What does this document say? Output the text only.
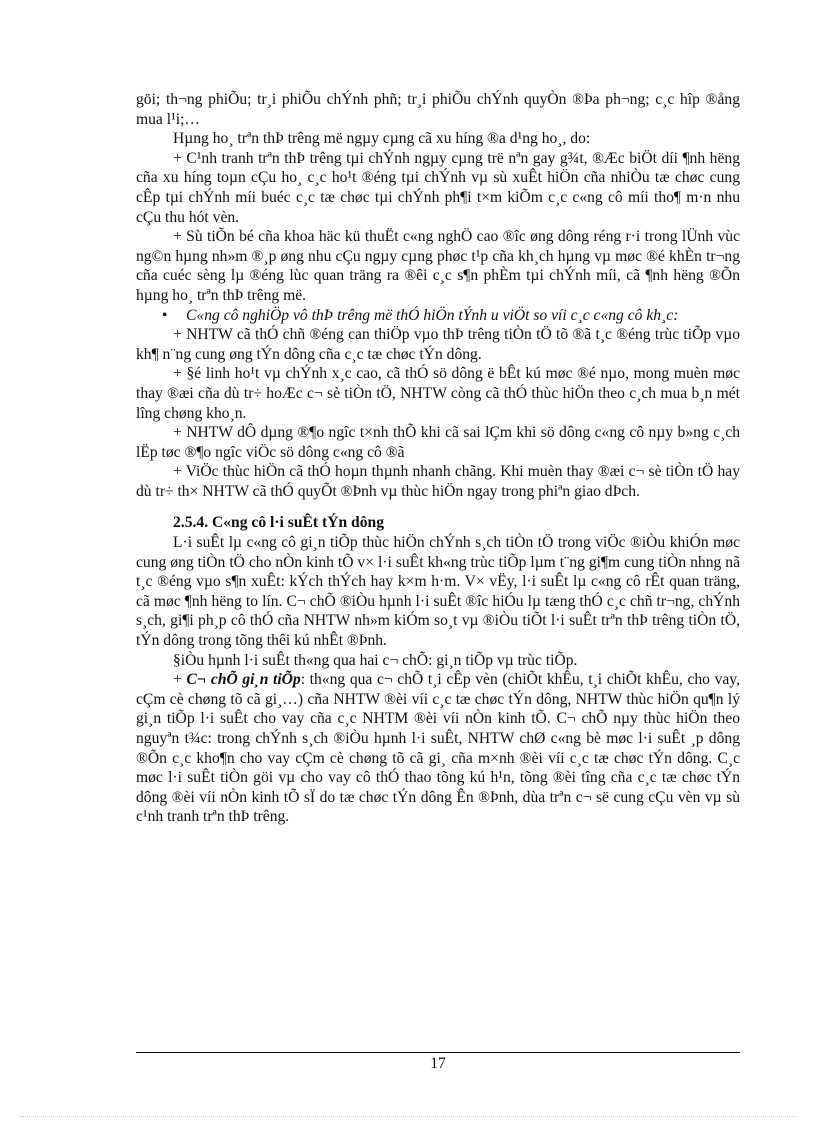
göi; th¬ng phiÕu; tr¸i phiÕu chÝnh phñ; tr¸i phiÕu chÝnh quyÒn ®Þa ph¬ng; c¸c hîp ®ång mua l¹i;…

Hµng ho¸ trªn thÞ trêng më ngµy cµng cã xu híng ®a d¹ng ho¸, do:

+ C¹nh tranh trªn thÞ trêng tµi chÝnh ngµy cµng trë nªn gay g¾t, ®Æc biÖt díi ¶nh hëng cña xu híng toµn cÇu ho¸ c¸c ho¹t ®éng tµi chÝnh vµ sù xuÊt hiÖn cña nhiÒu tæ chøc cung cÊp tµi chÝnh míi buéc c¸c tæ chøc tµi chÝnh ph¶i t×m kiÕm c¸c c«ng cô míi tho¶ m·n nhu cÇu thu hót vèn.

+ Sù tiÕn bé cña khoa häc kü thuËt c«ng nghÖ cao ®îc øng dông réng r·i trong lÜnh vùc ng©n hµng nh»m ®¸p øng nhu cÇu ngµy cµng phøc t¹p cña kh¸ch hµng vµ møc ®é khÈn tr¬ng cña cuéc sèng lµ ®éng lùc quan träng ra ®êi c¸c s¶n phÈm tµi chÝnh míi, cã ¶nh hëng ®Õn hµng ho¸ trªn thÞ trêng më.

• C«ng cô nghiÖp vô thÞ trêng më thÓ hiÖn tÝnh u viÖt so víi c¸c c«ng cô kh¸c:

+ NHTW cã thÓ chñ ®éng can thiÖp vµo thÞ trêng tiÒn tÖ tõ ®ã t¸c ®éng trùc tiÕp vµo kh¶ n¨ng cung øng tÝn dông cña c¸c tæ chøc tÝn dông.

+ §é linh ho¹t vµ chÝnh x¸c cao, cã thÓ sö dông ë bÊt kú møc ®é nµo, mong muèn møc thay ®æi cña dù tr÷ hoÆc c¬ sè tiÒn tÖ, NHTW còng cã thÓ thùc hiÖn theo c¸ch mua b¸n mét lîng chøng kho¸n.

+ NHTW dÔ dµng ®¶o ngîc t×nh thÕ khi cã sai lÇm khi sö dông c«ng cô nµy b»ng c¸ch lËp tøc ®¶o ngîc viÖc sö dông c«ng cô ®ã

+ ViÖc thùc hiÖn cã thÓ hoµn thµnh nhanh chãng. Khi muèn thay ®æi c¬ sè tiÒn tÖ hay dù tr÷ th× NHTW cã thÓ quyÕt ®Þnh vµ thùc hiÖn ngay trong phiªn giao dÞch.

2.5.4. C«ng cô l·i suÊt tÝn dông

L·i suÊt lµ c«ng cô gi¸n tiÕp thùc hiÖn chÝnh s¸ch tiÒn tÖ trong viÖc ®iÒu khiÓn møc cung øng tiÒn tÖ cho nÒn kinh tÕ v× l·i suÊt kh«ng trùc tiÕp lµm t¨ng gi¶m cung tiÒn nhng nã t¸c ®éng vµo s¶n xuÊt: kÝch thÝch hay k×m h·m. V× vËy, l·i suÊt lµ c«ng cô rÊt quan träng, cã møc ¶nh hëng to lín. C¬ chÕ ®iÒu hµnh l·i suÊt ®îc hiÓu lµ tæng thÓ c¸c chñ tr¬ng, chÝnh s¸ch, gi¶i ph¸p cô thÓ cña NHTW nh»m kiÓm so¸t vµ ®iÒu tiÕt l·i suÊt trªn thÞ trêng tiÒn tÖ, tÝn dông trong tõng thêi kú nhÊt ®Þnh.

§iÒu hµnh l·i suÊt th«ng qua hai c¬ chÕ: gi¸n tiÕp vµ trùc tiÕp.

+ C¬ chÕ gi¸n tiÕp: th«ng qua c¬ chÕ t¸i cÊp vèn (chiÕt khÊu, t¸i chiÕt khÊu, cho vay, cÇm cè chøng tõ cã gi¸…) cña NHTW ®èi víi c¸c tæ chøc tÝn dông, NHTW thùc hiÖn qu¶n lý gi¸n tiÕp l·i suÊt cho vay cña c¸c NHTM ®èi víi nÒn kinh tÕ. C¬ chÕ nµy thùc hiÖn theo nguyªn t¾c: trong chÝnh s¸ch ®iÒu hµnh l·i suÊt, NHTW chØ c«ng bè møc l·i suÊt ¸p dông ®Õn c¸c kho¶n cho vay cÇm cè chøng tõ cã gi¸ cña m×nh ®èi víi c¸c tæ chøc tÝn dông. C¸c møc l·i suÊt tiÒn göi vµ cho vay cô thÓ thao tõng kú h¹n, tõng ®èi tîng cña c¸c tæ chøc tÝn dông ®èi víi nÒn kinh tÕ sÏ do tæ chøc tÝn dông Ên ®Þnh, dùa trªn c¬ së cung cÇu vèn vµ sù c¹nh tranh trªn thÞ trêng.

17
